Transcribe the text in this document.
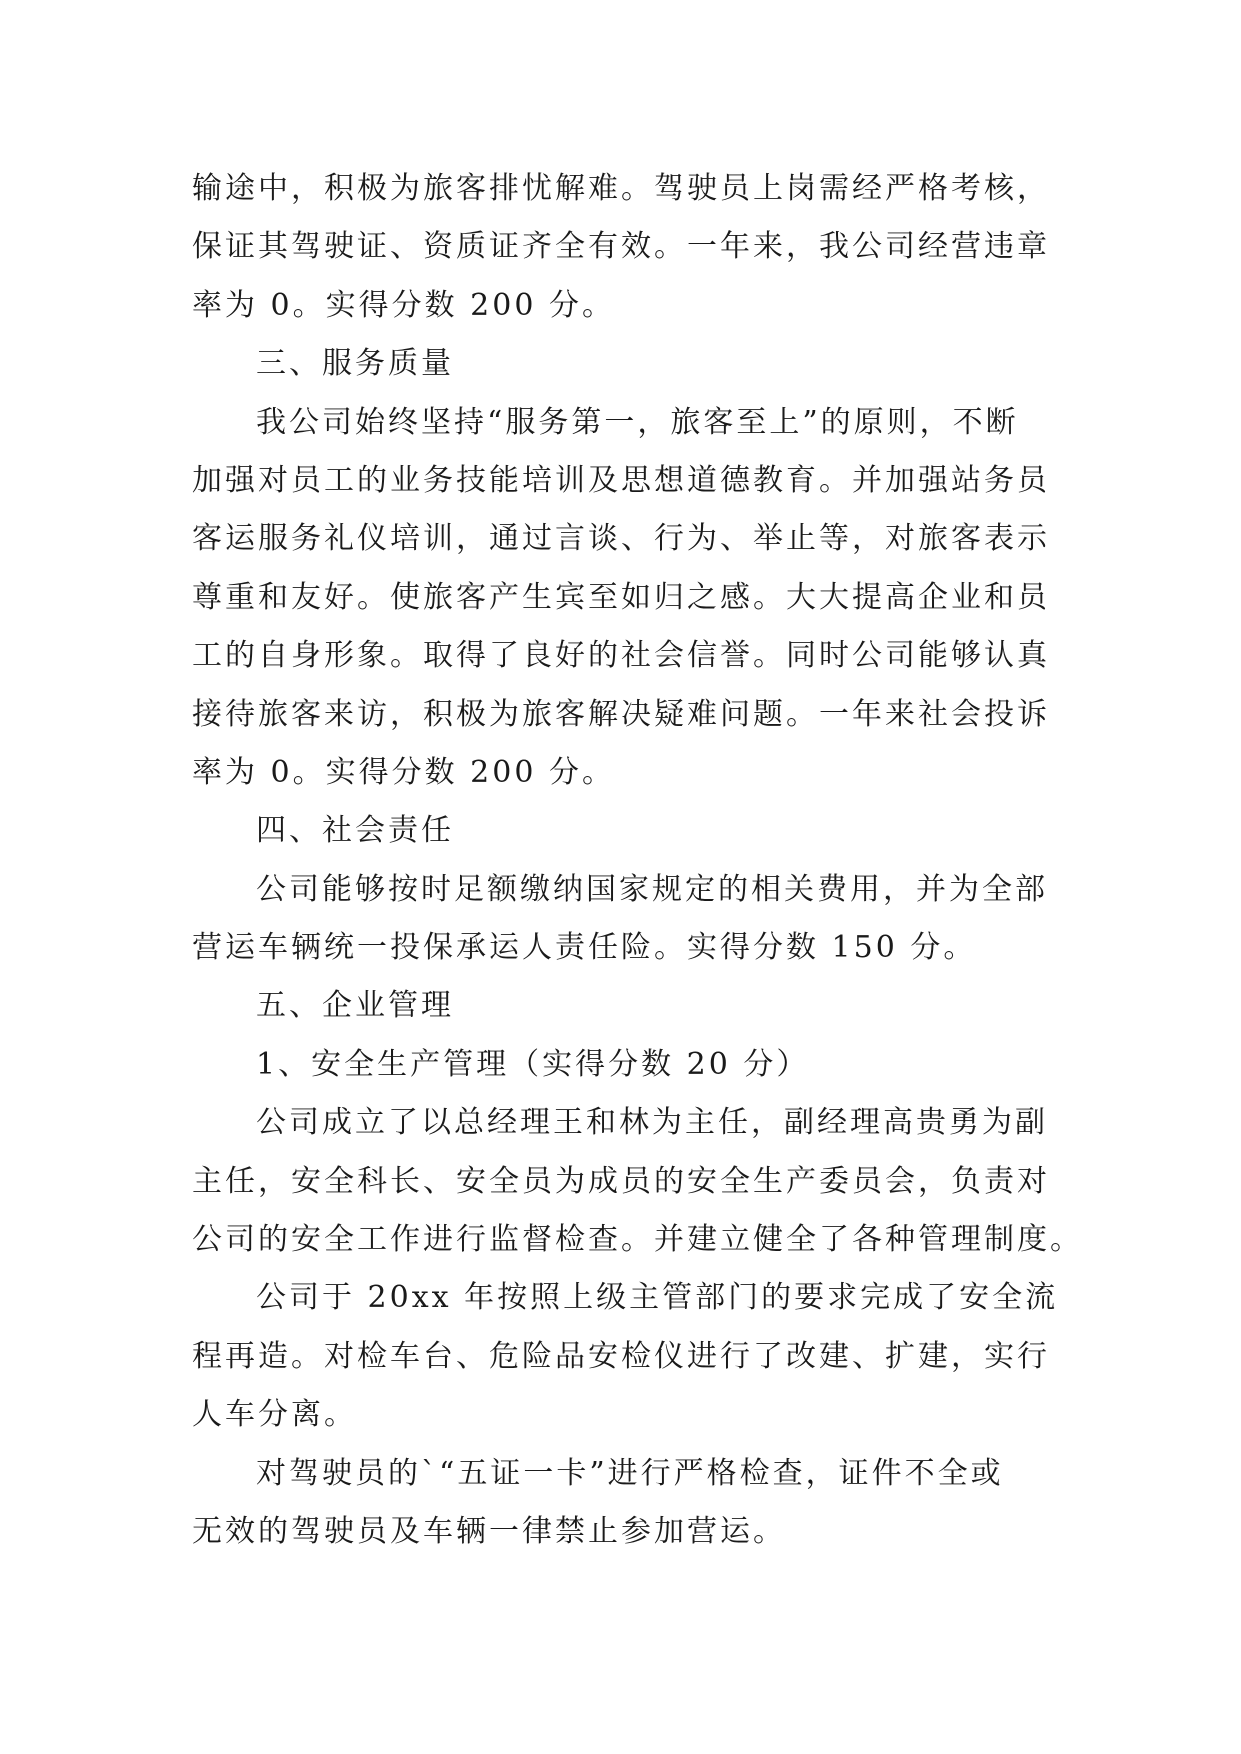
输途中，积极为旅客排忧解难。驾驶员上岗需经严格考核，
保证其驾驶证、资质证齐全有效。一年来，我公司经营违章
率为 0。实得分数 200 分。
三、服务质量
我公司始终坚持“服务第一，旅客至上”的原则，不断
加强对员工的业务技能培训及思想道德教育。并加强站务员
客运服务礼仪培训，通过言谈、行为、举止等，对旅客表示
尊重和友好。使旅客产生宾至如归之感。大大提高企业和员
工的自身形象。取得了良好的社会信誉。同时公司能够认真
接待旅客来访，积极为旅客解决疑难问题。一年来社会投诉
率为 0。实得分数 200 分。
四、社会责任
公司能够按时足额缴纳国家规定的相关费用，并为全部
营运车辆统一投保承运人责任险。实得分数 150 分。
五、企业管理
1、安全生产管理（实得分数 20 分）
公司成立了以总经理王和林为主任，副经理高贵勇为副
主任，安全科长、安全员为成员的安全生产委员会，负责对
公司的安全工作进行监督检查。并建立健全了各种管理制度。
公司于 20xx 年按照上级主管部门的要求完成了安全流
程再造。对检车台、危险品安检仪进行了改建、扩建，实行
人车分离。
对驾驶员的`“五证一卡”进行严格检查，证件不全或
无效的驾驶员及车辆一律禁止参加营运。
